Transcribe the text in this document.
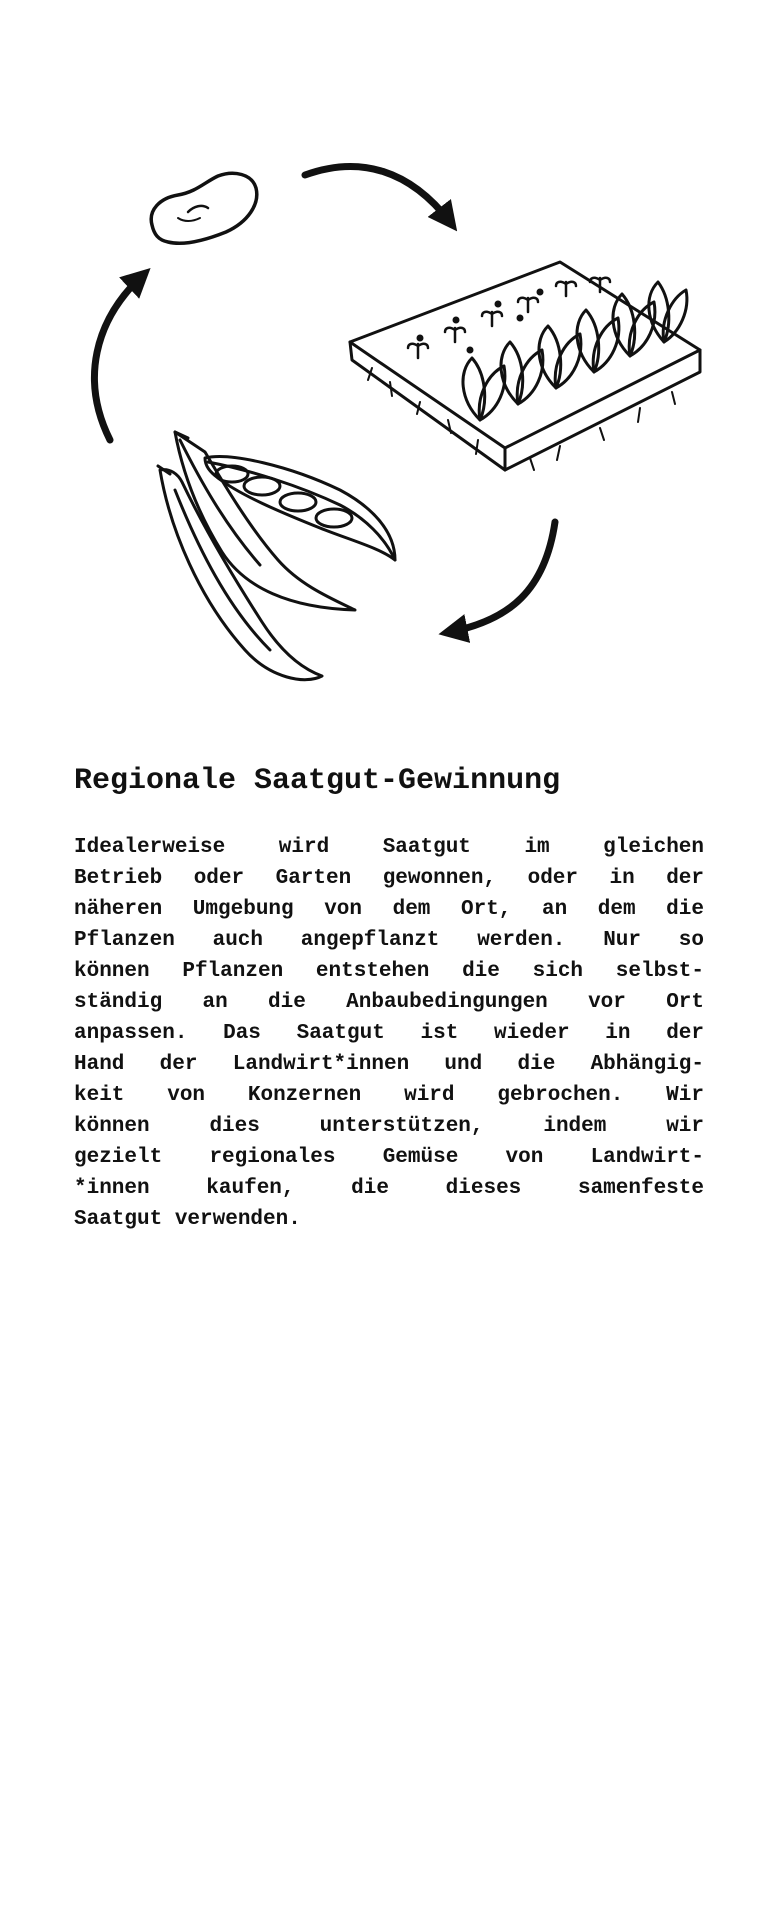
Regionale Saatgut-Gewinnung
Idealerweise wird Saatgut im gleichen
Betrieb oder Garten gewonnen, oder in der
näheren Umgebung von dem Ort, an dem die
Pflanzen auch angepflanzt werden. Nur so
können Pflanzen entstehen die sich selbst-
ständig an die Anbaubedingungen vor Ort
anpassen. Das Saatgut ist wieder in der
Hand der Landwirt*innen und die Abhängig-
keit von Konzernen wird gebrochen. Wir
können dies unterstützen, indem wir
gezielt regionales Gemüse von Landwirt-
*innen kaufen, die dieses samenfeste
Saatgut verwenden.
